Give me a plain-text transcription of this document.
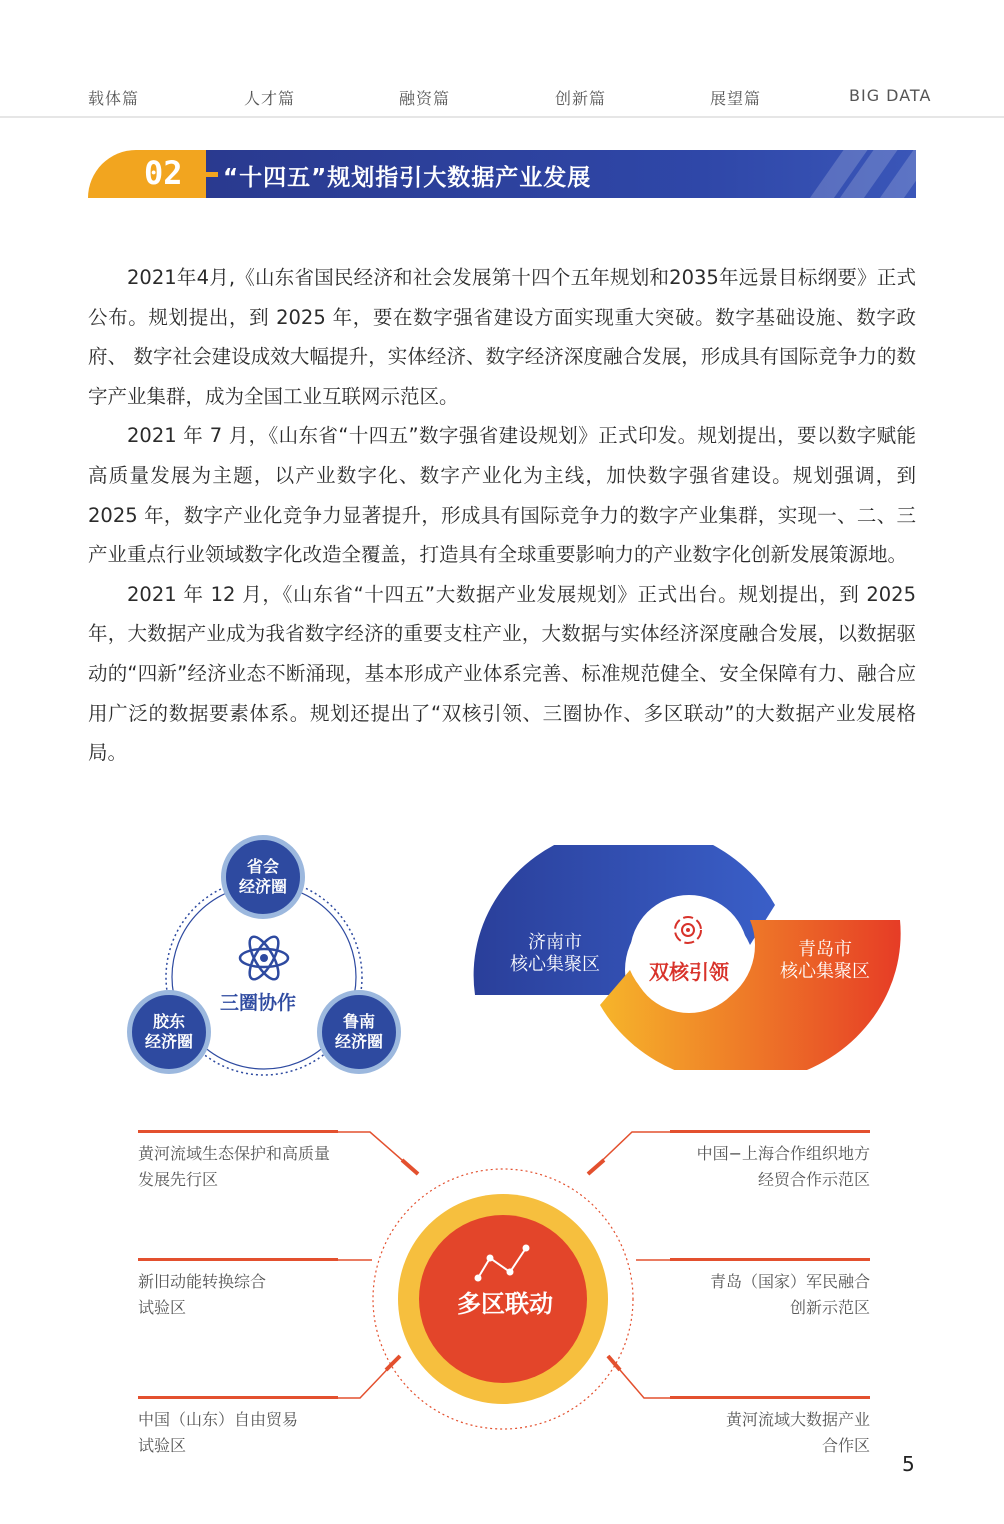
载体篇	人才篇	融资篇	创新篇	展望篇	BIG DATA
02 “十四五”规划指引大数据产业发展

2021年4月,《山东省国民经济和社会发展第十四个五年规划和2035年远景目标纲要》正式公布。规划提出，到 2025 年，要在数字强省建设方面实现重大突破。数字基础设施、数字政府、 数字社会建设成效大幅提升，实体经济、数字经济深度融合发展，形成具有国际竞争力的数字产业集群，成为全国工业互联网示范区。

2021 年 7 月，《山东省“十四五”数字强省建设规划》正式印发。规划提出，要以数字赋能高质量发展为主题，以产业数字化、数字产业化为主线，加快数字强省建设。规划强调，到 2025 年，数字产业化竞争力显著提升，形成具有国际竞争力的数字产业集群，实现一、二、三产业重点行业领域数字化改造全覆盖，打造具有全球重要影响力的产业数字化创新发展策源地。

2021 年 12 月，《山东省“十四五”大数据产业发展规划》正式出台。规划提出，到 2025 年，大数据产业成为我省数字经济的重要支柱产业，大数据与实体经济深度融合发展，以数据驱动的“四新”经济业态不断涌现，基本形成产业体系完善、标准规范健全、安全保障有力、融合应用广泛的数据要素体系。规划还提出了“双核引领、三圈协作、多区联动”的大数据产业发展格局。

省会
经济圈
胶东
经济圈
鲁南
经济圈
三圈协作
双核引领
济南市
核心集聚区
青岛市
核心集聚区
多区联动
黄河流域生态保护和高质量
发展先行区
中国−上海合作组织地方
经贸合作示范区
新旧动能转换综合
试验区
青岛（国家）军民融合
创新示范区
中国（山东）自由贸易
试验区
黄河流域大数据产业
合作区
5
